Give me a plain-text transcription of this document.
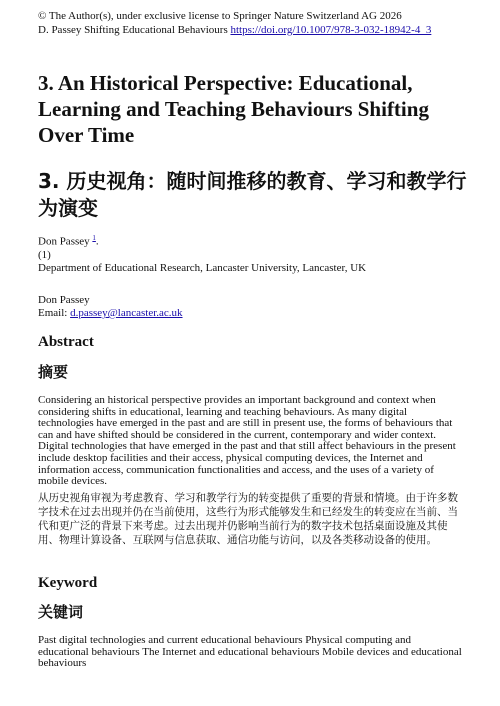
© The Author(s), under exclusive license to Springer Nature Switzerland AG 2026
D. Passey Shifting Educational Behaviours https://doi.org/10.1007/978-3-032-18942-4_3
3. An Historical Perspective: Educational, Learning and Teaching Behaviours Shifting Over Time
3. 历史视角：随时间推移的教育、学习和教学行为演变
Don Passey $^1$.
(1)
Department of Educational Research, Lancaster University, Lancaster, UK
Don Passey
Email: d.passey@lancaster.ac.uk
Abstract
摘要

Considering an historical perspective provides an important background and context when considering shifts in educational, learning and teaching behaviours. As many digital technologies have emerged in the past and are still in present use, the forms of behaviours that can and have shifted should be considered in the current, contemporary and wider context. Digital technologies that have emerged in the past and that still affect behaviours in the present include desktop facilities and their access, physical computing devices, the Internet and information access, communication functionalities and access, and the uses of a variety of mobile devices.

从历史视角审视为考虑教育、学习和教学行为的转变提供了重要的背景和情境。由于许多数字技术在过去出现并仍在当前使用，这些行为形式能够发生和已经发生的转变应在当前、当代和更广泛的背景下来考虑。过去出现并仍影响当前行为的数字技术包括桌面设施及其使用、物理计算设备、互联网与信息获取、通信功能与访问，以及各类移动设备的使用。

Keyword
关键词

Past digital technologies and current educational behaviours Physical computing and educational behaviours The Internet and educational behaviours Mobile devices and educational behaviours
